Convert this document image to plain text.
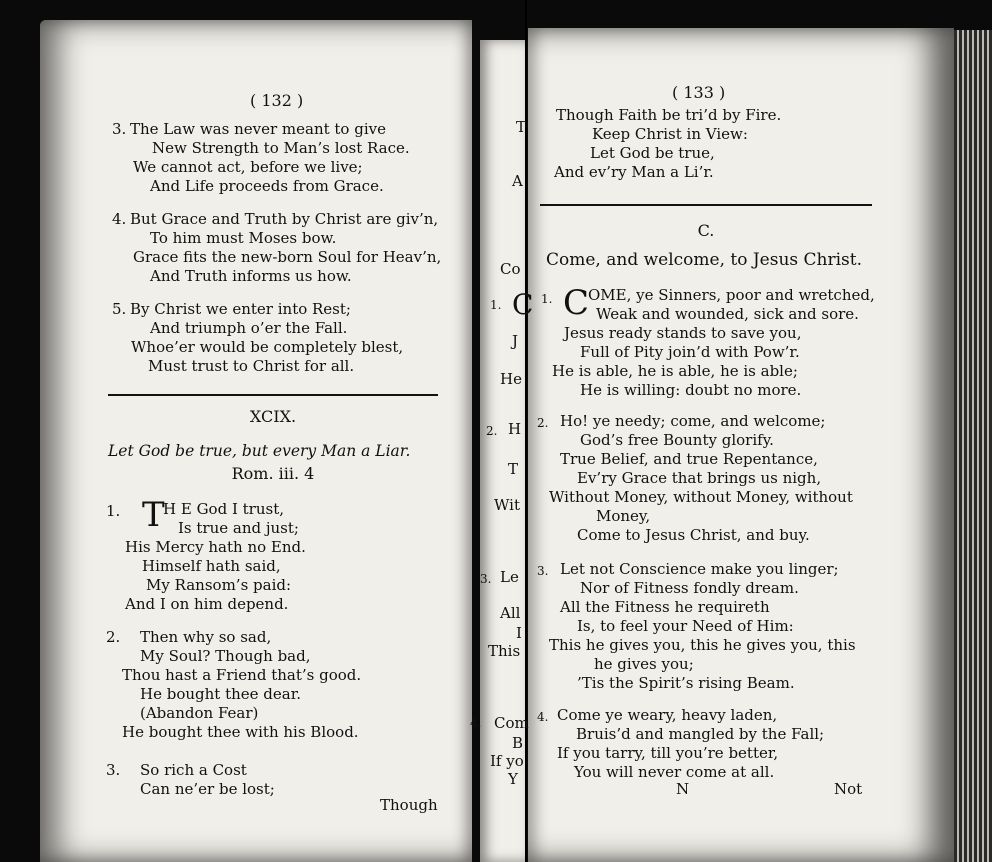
( 132 )
3. The Law was never meant to give
New Strength to Man’s lost Race.
We cannot act, before we live;
And Life proceeds from Grace.
4. But Grace and Truth by Christ are giv’n,
To him must Moses bow.
Grace fits the new-born Soul for Heav’n,
And Truth informs us how.
5. By Christ we enter into Rest;
And triumph o’er the Fall.
Whoe’er would be completely blest,
Must trust to Christ for all.
XCIX.
Let God be true, but every Man a Liar.
Rom. iii. 4
1. T
H E God I trust,
Is true and just;
His Mercy hath no End.
Himself hath said,
My Ransom’s paid:
And I on him depend.
2. Then why so sad,
My Soul? Though bad,
Thou hast a Friend that’s good.
He bought thee dear.
(Abandon Fear)
He bought thee with his Blood.
3. So rich a Cost
Can ne’er be lost;
Though
T
A
Co
1. C
J
He
2. H
T
Wit
3. Le
All
I
This
4. Com
B
If yo
Y
( 133 )
Though Faith be tri’d by Fire.
Keep Christ in View:
Let God be true,
And ev’ry Man a Li’r.
C.
Come, and welcome, to Jesus Christ.
1. C
OME, ye Sinners, poor and wretched,
Weak and wounded, sick and sore.
Jesus ready stands to save you,
Full of Pity join’d with Pow’r.
He is able, he is able, he is able;
He is willing: doubt no more.
2. Ho! ye needy; come, and welcome;
God’s free Bounty glorify.
True Belief, and true Repentance,
Ev’ry Grace that brings us nigh,
Without Money, without Money, without
Money,
Come to Jesus Christ, and buy.
3. Let not Conscience make you linger;
Nor of Fitness fondly dream.
All the Fitness he requireth
Is, to feel your Need of Him:
This he gives you, this he gives you, this
he gives you;
’Tis the Spirit’s rising Beam.
4. Come ye weary, heavy laden,
Bruis’d and mangled by the Fall;
If you tarry, till you’re better,
You will never come at all.
N	Not
